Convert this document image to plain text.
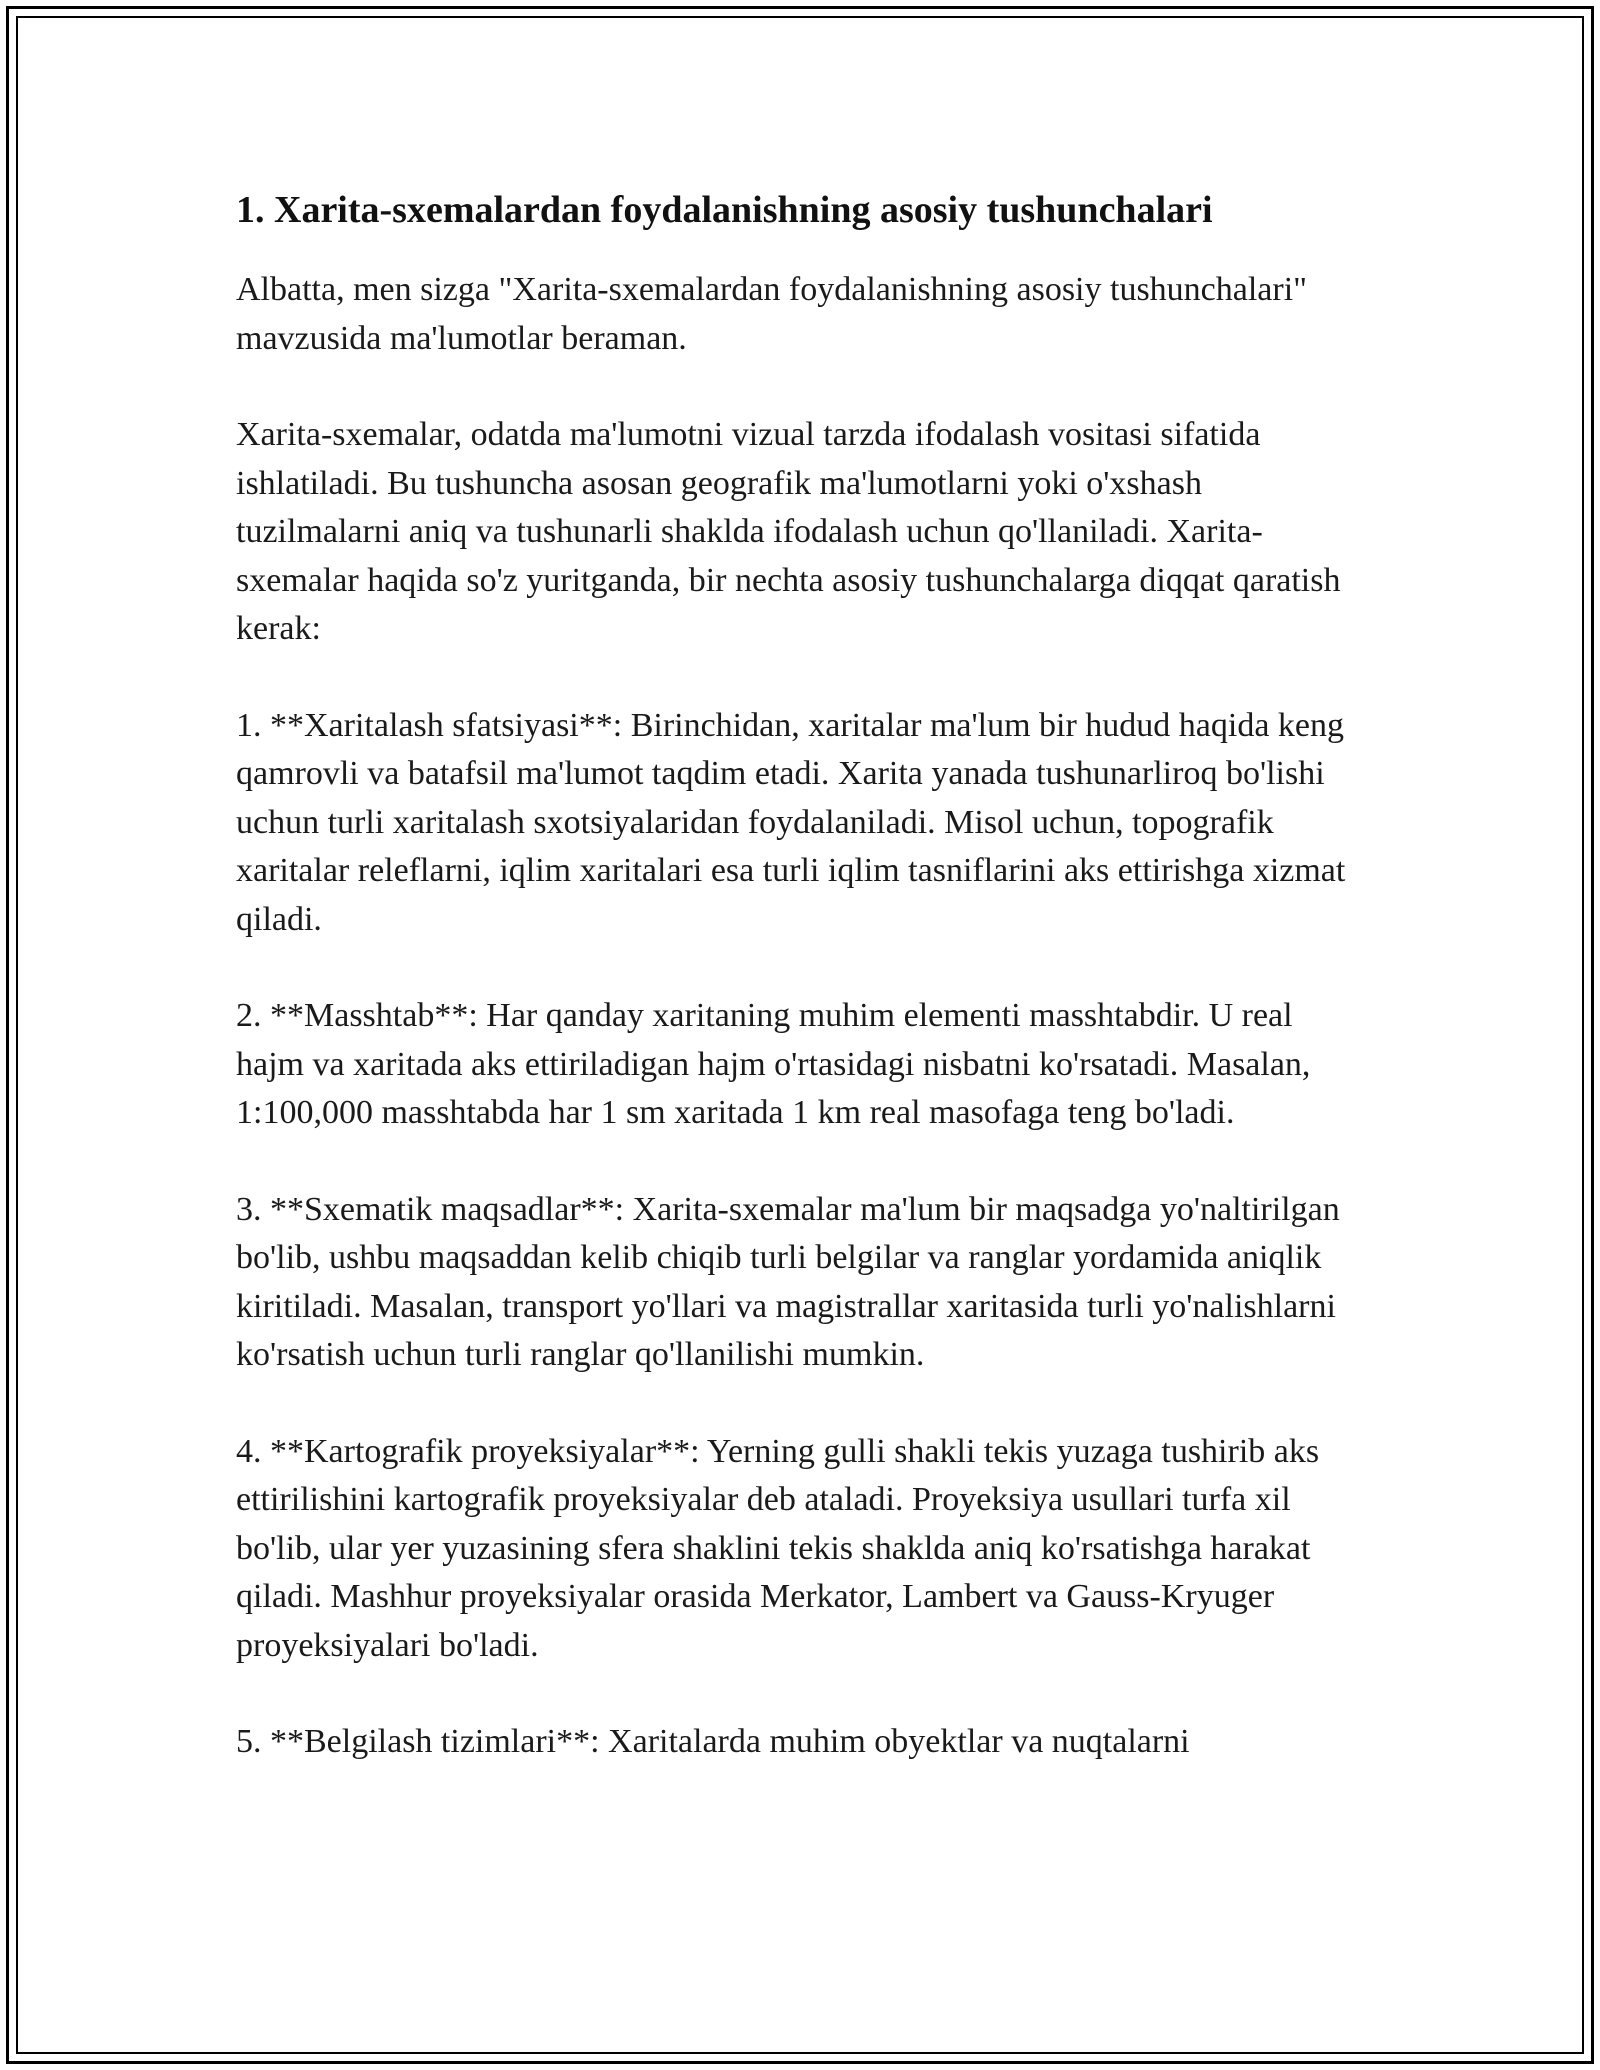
1. Xarita-sxemalardan foydalanishning asosiy tushunchalari

Albatta, men sizga "Xarita-sxemalardan foydalanishning asosiy tushunchalari" mavzusida ma'lumotlar beraman.

Xarita-sxemalar, odatda ma'lumotni vizual tarzda ifodalash vositasi sifatida ishlatiladi. Bu tushuncha asosan geografik ma'lumotlarni yoki o'xshash tuzilmalarni aniq va tushunarli shaklda ifodalash uchun qo'llaniladi. Xarita-sxemalar haqida so'z yuritganda, bir nechta asosiy tushunchalarga diqqat qaratish kerak:

1. **Xaritalash sfatsiyasi**: Birinchidan, xaritalar ma'lum bir hudud haqida keng qamrovli va batafsil ma'lumot taqdim etadi. Xarita yanada tushunarliroq bo'lishi uchun turli xaritalash sxotsiyalaridan foydalaniladi. Misol uchun, topografik xaritalar releflarni, iqlim xaritalari esa turli iqlim tasniflarini aks ettirishga xizmat qiladi.

2. **Masshtab**: Har qanday xaritaning muhim elementi masshtabdir. U real hajm va xaritada aks ettiriladigan hajm o'rtasidagi nisbatni ko'rsatadi. Masalan, 1:100,000 masshtabda har 1 sm xaritada 1 km real masofaga teng bo'ladi.

3. **Sxematik maqsadlar**: Xarita-sxemalar ma'lum bir maqsadga yo'naltirilgan bo'lib, ushbu maqsaddan kelib chiqib turli belgilar va ranglar yordamida aniqlik kiritiladi. Masalan, transport yo'llari va magistrallar xaritasida turli yo'nalishlarni ko'rsatish uchun turli ranglar qo'llanilishi mumkin.

4. **Kartografik proyeksiyalar**: Yerning gulli shakli tekis yuzaga tushirib aks ettirilishini kartografik proyeksiyalar deb ataladi. Proyeksiya usullari turfa xil bo'lib, ular yer yuzasining sfera shaklini tekis shaklda aniq ko'rsatishga harakat qiladi. Mashhur proyeksiyalar orasida Merkator, Lambert va Gauss-Kryuger proyeksiyalari bo'ladi.

5. **Belgilash tizimlari**: Xaritalarda muhim obyektlar va nuqtalarni
